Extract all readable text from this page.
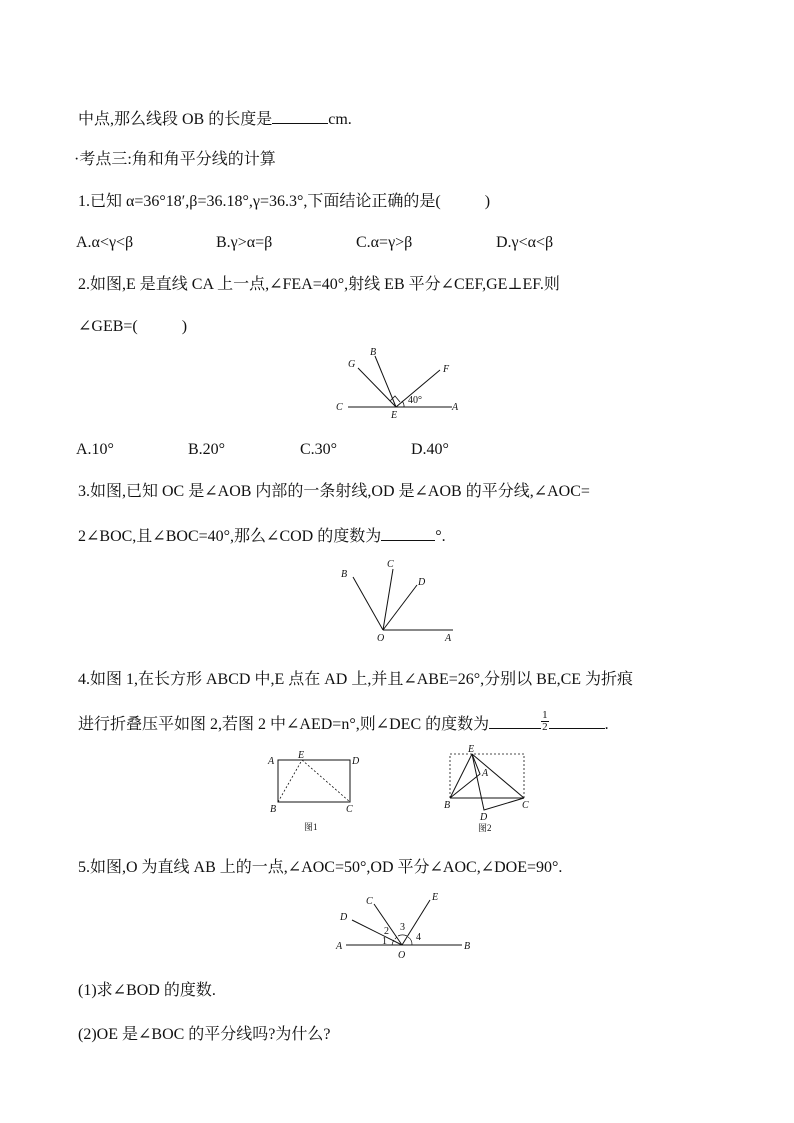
中点,那么线段 OB 的长度是	cm.
·考点三:角和角平分线的计算
1.已知 α=36°18′,β=36.18°,γ=36.3°,下面结论正确的是(	)
A.α<γ<β	B.γ>α=β	C.α=γ>β	D.γ<α<β
2.如图,E 是直线 CA 上一点,∠FEA=40°,射线 EB 平分∠CEF,GE⊥EF.则
∠GEB=(	)
G
B
F
C
E
A
40°
A.10°	B.20°	C.30°	D.40°
3.如图,已知 OC 是∠AOB 内部的一条射线,OD 是∠AOB 的平分线,∠AOC=
2∠BOC,且∠BOC=40°,那么∠COD 的度数为	°.
B
C
D
O	A
4.如图 1,在长方形 ABCD 中,E 点在 AD 上,并且∠ABE=26°,分别以 BE,CE 为折痕
进行折叠压平如图 2,若图 2 中∠AED=n°,则∠DEC 的度数为	$\frac{1}{2}$	.
A
E
D
B	C
图1
E
A
D
B	C
图2
5.如图,O 为直线 AB 上的一点,∠AOC=50°,OD 平分∠AOC,∠DOE=90°.
C
D
E
A
O
B
1
2 3
4
(1)求∠BOD 的度数.
(2)OE 是∠BOC 的平分线吗?为什么?
